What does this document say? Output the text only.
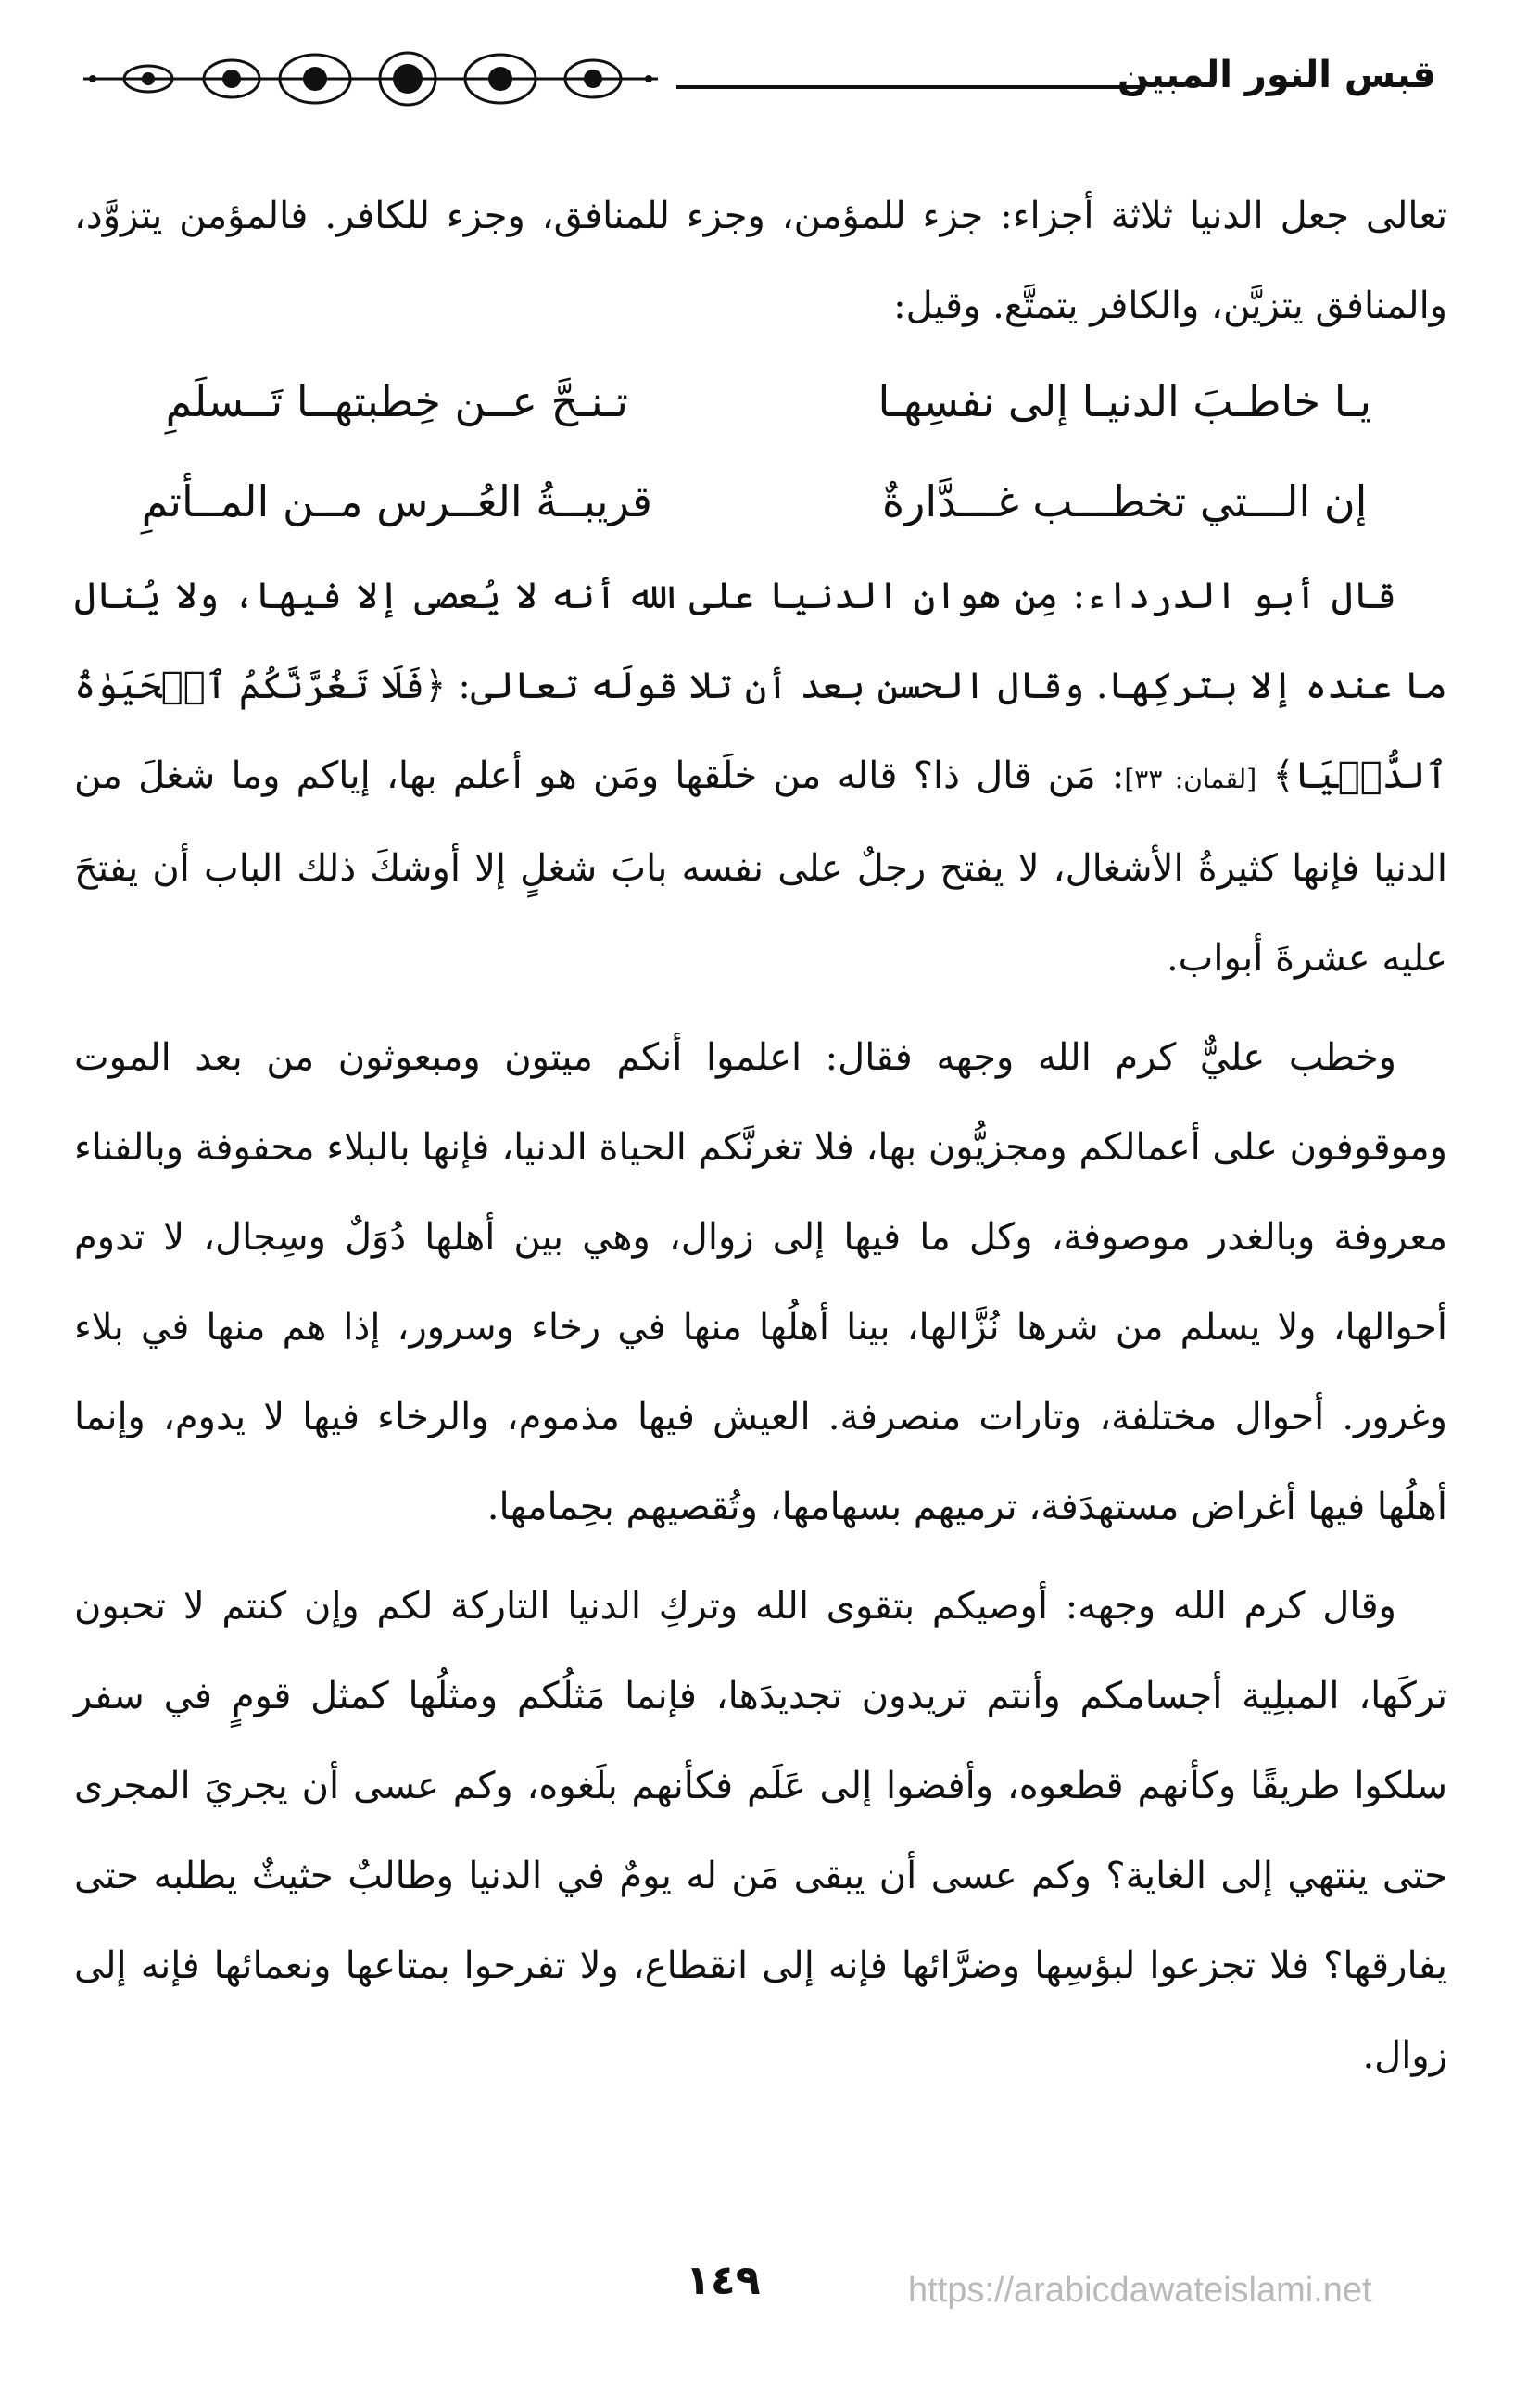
قبس النور المبين

تعالى جعل الدنيا ثلاثة أجزاء: جزء للمؤمن، وجزء للمنافق، وجزء للكافر. فالمؤمن يتزوَّد، والمنافق يتزيَّن، والكافر يتمتَّع. وقيل:

يـا خاطـبَ الدنيـا إلى نفسِهـا
تـنـحَّ عــن خِطبتهــا تَــسلَمِ
إن الـــتي تخطـــب غـــدَّارةٌ
قريبــةُ العُــرس مــن المــأتمِ

قال أبو الدرداء: مِن هوانِ الدنيا على الله أنه لا يُعصى إلا فيها، ولا يُنال ما عنده إلا بتركِها. وقال الحسن بعد أن تلا قولَه تعالى: ﴿فَلَا تَغُرَّنَّكُمُ ٱلۡحَيَوٰةُ ٱلدُّنۡيَا﴾ [لقمان: ٣٣]: مَن قال ذا؟ قاله من خلَقها ومَن هو أعلم بها، إياكم وما شغلَ من الدنيا فإنها كثيرةُ الأشغال، لا يفتح رجلٌ على نفسه بابَ شغلٍ إلا أوشكَ ذلك الباب أن يفتحَ عليه عشرةَ أبواب.

وخطب عليٌّ كرم الله وجهه فقال: اعلموا أنكم ميتون ومبعوثون من بعد الموت وموقوفون على أعمالكم ومجزيُّون بها، فلا تغرنَّكم الحياة الدنيا، فإنها بالبلاء محفوفة وبالفناء معروفة وبالغدر موصوفة، وكل ما فيها إلى زوال، وهي بين أهلها دُوَلٌ وسِجال، لا تدوم أحوالها، ولا يسلم من شرها نُزَّالها، بينا أهلُها منها في رخاء وسرور، إذا هم منها في بلاء وغرور. أحوال مختلفة، وتارات منصرفة. العيش فيها مذموم، والرخاء فيها لا يدوم، وإنما أهلُها فيها أغراض مستهدَفة، ترميهم بسهامها، وتُقصيهم بحِمامها.

وقال كرم الله وجهه: أوصيكم بتقوى الله وتركِ الدنيا التاركة لكم وإن كنتم لا تحبون تركَها، المبلِية أجسامكم وأنتم تريدون تجديدَها، فإنما مَثلُكم ومثلُها كمثل قومٍ في سفر سلكوا طريقًا وكأنهم قطعوه، وأفضوا إلى عَلَم فكأنهم بلَغوه، وكم عسى أن يجريَ المجرى حتى ينتهي إلى الغاية؟ وكم عسى أن يبقى مَن له يومٌ في الدنيا وطالبٌ حثيثٌ يطلبه حتى يفارقها؟ فلا تجزعوا لبؤسِها وضرَّائها فإنه إلى انقطاع، ولا تفرحوا بمتاعها ونعمائها فإنه إلى زوال.

١٤٩	https://arabicdawateislami.net
